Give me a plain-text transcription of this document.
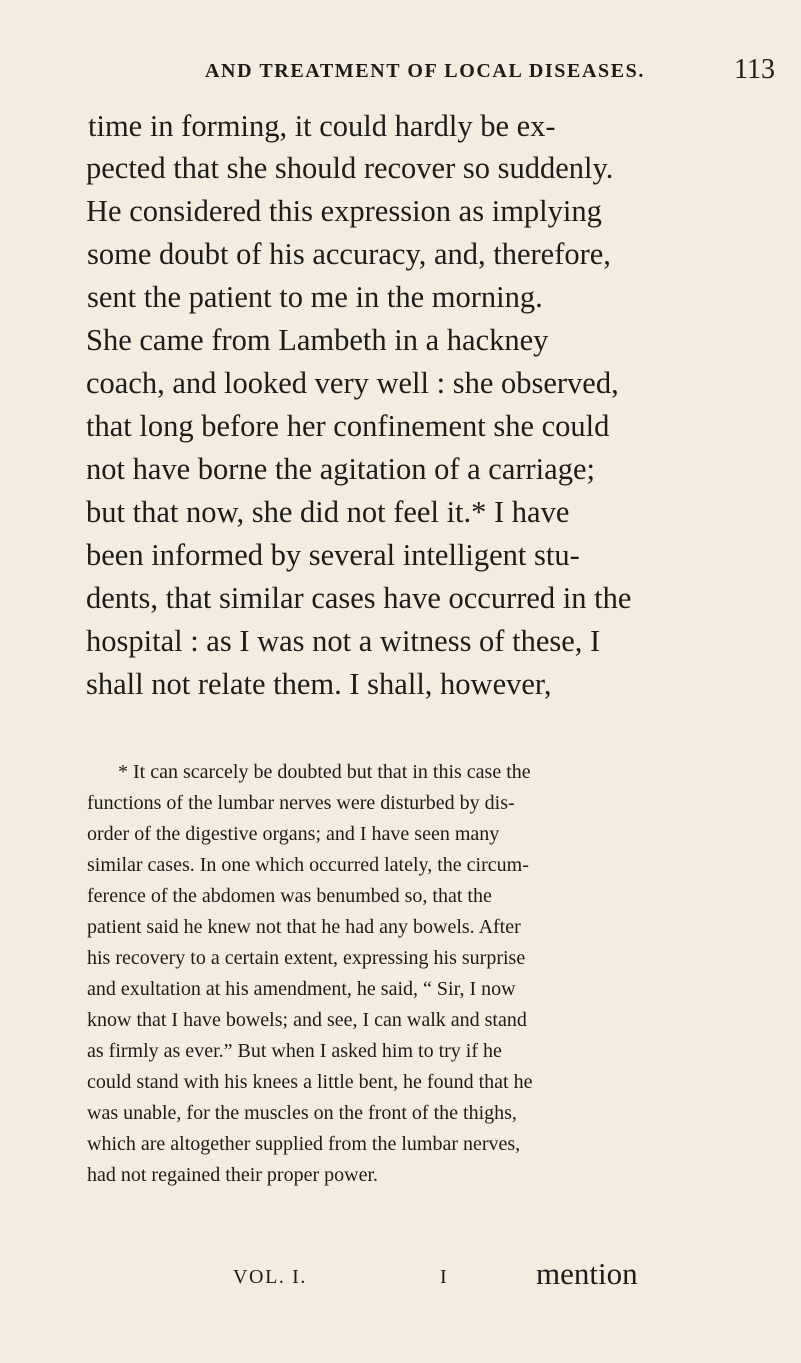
AND TREATMENT OF LOCAL DISEASES.	113
time in forming, it could hardly be ex-
pected that she should recover so suddenly.
He considered this expression as implying
some doubt of his accuracy, and, therefore,
sent the patient to me in the morning.
She came from Lambeth in a hackney
coach, and looked very well : she observed,
that long before her confinement she could
not have borne the agitation of a carriage;
but that now, she did not feel it.* I have
been informed by several intelligent stu-
dents, that similar cases have occurred in the
hospital : as I was not a witness of these, I
shall not relate them. I shall, however,
* It can scarcely be doubted but that in this case the
functions of the lumbar nerves were disturbed by dis-
order of the digestive organs; and I have seen many
similar cases. In one which occurred lately, the circum-
ference of the abdomen was benumbed so, that the
patient said he knew not that he had any bowels. After
his recovery to a certain extent, expressing his surprise
and exultation at his amendment, he said, “ Sir, I now
know that I have bowels; and see, I can walk and stand
as firmly as ever.” But when I asked him to try if he
could stand with his knees a little bent, he found that he
was unable, for the muscles on the front of the thighs,
which are altogether supplied from the lumbar nerves,
had not regained their proper power.
VOL. I.	I	mention
